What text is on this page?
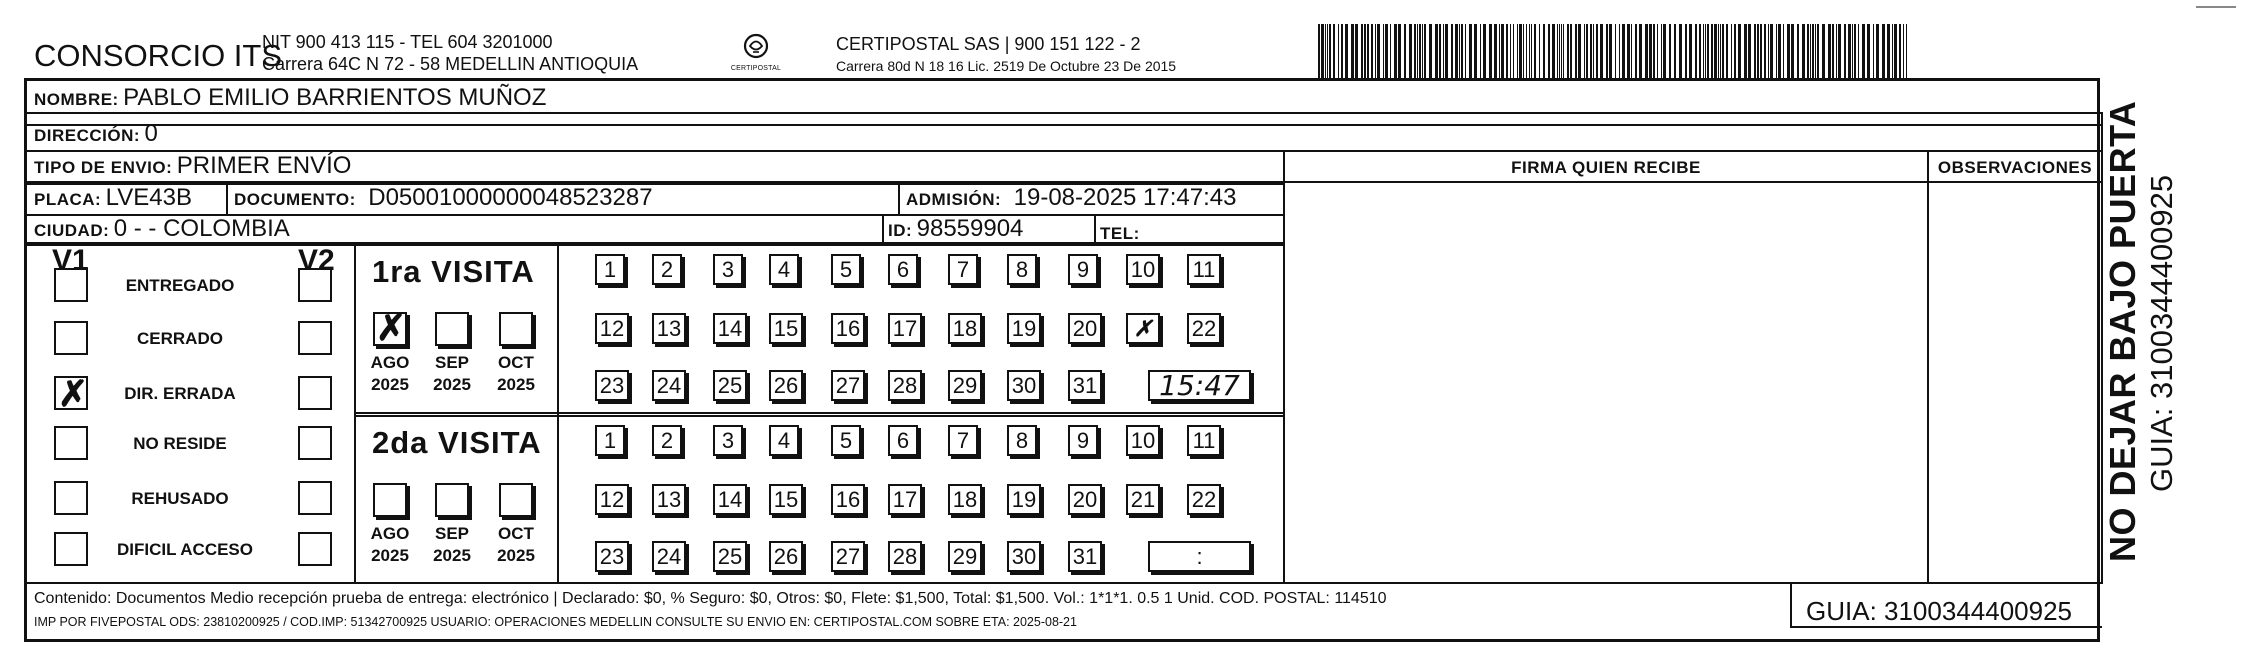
CONSORCIO ITS
NIT 900 413 115 - TEL 604 3201000
Carrera 64C N 72 - 58 MEDELLIN ANTIOQUIA	CERTIPOSTAL
CERTIPOSTAL SAS | 900 151 122 - 2
Carrera 80d N 18 16 Lic. 2519 De Octubre 23 De 2015
NOMBRE: PABLO EMILIO BARRIENTOS MUÑOZ
DIRECCIÓN: 0
TIPO DE ENVIO: PRIMER ENVÍO
PLACA: LVE43B DOCUMENTO: D05001000000048523287	ADMISIÓN: 19-08-2025 17:47:43
CIUDAD: 0 - - COLOMBIA	ID: 98559904	TEL:
FIRMA QUIEN RECIBE	OBSERVACIONES
V1	V2
ENTREGADO
CERRADO
✗	DIR. ERRADA
NO RESIDE
REHUSADO
DIFICIL ACCESO
1ra VISITA
✗
AGO
2025
SEP
2025
OCT
2025
1	2	3	4	5	6	7	8	9	10 11
12 13 14 15 16 17 18 19 20	✗	22
23 24 25 26 27 28 29 30 31	15:47
2da VISITA
AGO
2025
SEP
2025
OCT
2025
1	2	3	4	5	6	7	8	9	10 11
12 13 14 15 16 17 18 19 20 21 22
23 24 25 26 27 28 29 30 31	:
Contenido: Documentos Medio recepción prueba de entrega: electrónico | Declarado: $0, % Seguro: $0, Otros: $0, Flete: $1,500, Total: $1,500. Vol.: 1*1*1. 0.5 1 Unid. COD. POSTAL: 114510
IMP POR FIVEPOSTAL ODS: 23810200925 / COD.IMP: 51342700925 USUARIO: OPERACIONES MEDELLIN CONSULTE SU ENVIO EN: CERTIPOSTAL.COM SOBRE ETA: 2025-08-21	GUIA: 3100344400925
NO DEJAR BAJO PUERTA GUIA: 3100344400925
